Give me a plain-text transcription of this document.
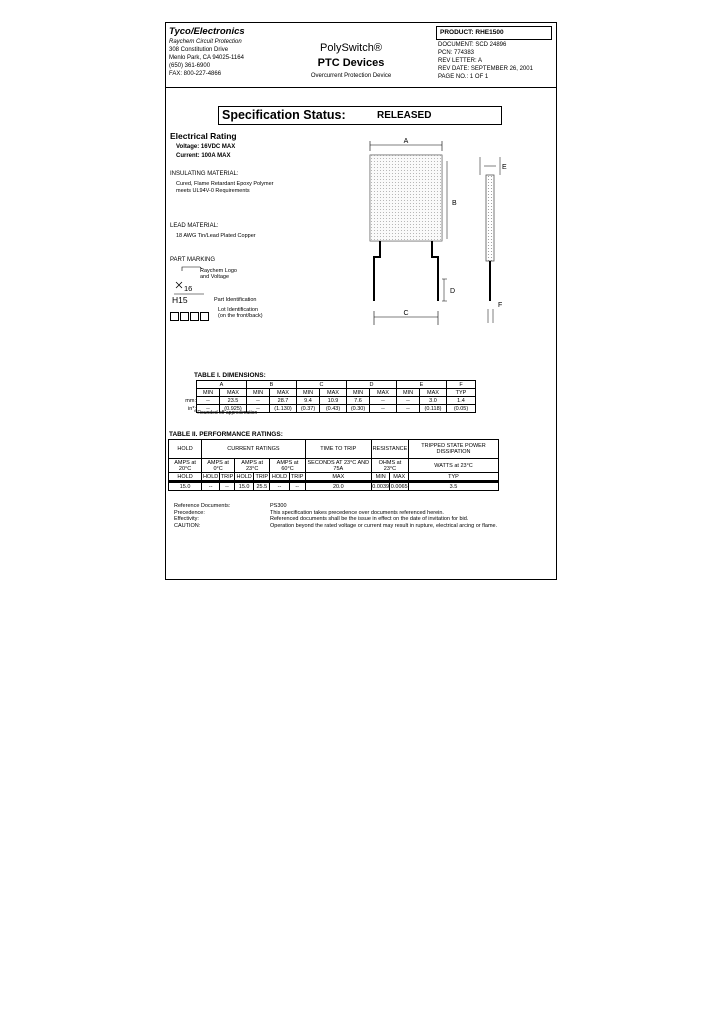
Tyco/Electronics
Raychem Circuit Protection
308 Constitution Drive
Menlo Park, CA 94025-1164
(650) 361-6900
FAX: 800-227-4866
PolySwitch®
PTC Devices
Overcurrent Protection Device
PRODUCT: RHE1500
DOCUMENT: SCD 24896
PCN: 774383
REV LETTER: A
REV DATE: SEPTEMBER 26, 2001
PAGE NO.: 1 OF 1
Specification Status:	RELEASED
Electrical Rating
Voltage: 16VDC MAX
Current: 100A MAX
INSULATING MATERIAL:
Cured, Flame Retardant Epoxy Polymer
meets UL94V-0 Requirements
LEAD MATERIAL:
18 AWG Tin/Lead Plated Copper
PART MARKING
Raychem Logo
and Voltage
16
H15	Part Identification
Lot Identification
(on the front/back)
A
B
D
C
E
F
TABLE I. DIMENSIONS:
	A		B		C		D		E		F
	MIN	MAX	MIN	MAX	MIN	MAX	MIN	MAX	MIN	MAX	TYP
mm:	--	23.5	--	28.7	9.4	10.9	7.6	--	--	3.0	1.4
in*:	--	(0.925)	--	(1.130)	(0.37)	(0.43)	(0.30)	--	--	(0.118)	(0.05)
* Rounded off approximation
TABLE II. PERFORMANCE RATINGS:
HOLD	CURRENT RATINGS						TIME TO TRIP	RESISTANCE		TRIPPED STATE POWER DISSIPATION
AMPS at 20°C	AMPS at 0°C		AMPS at 23°C		AMPS at 60°C		SECONDS AT 23°C AND 75A	OHMS at 23°C		WATTS at 23°C
HOLD	HOLD	TRIP	HOLD	TRIP	HOLD	TRIP	MAX	MIN	MAX	TYP
15.0	--	--	15.0	25.5	--	--	20.0	0.0039	0.0065	3.5
Reference Documents:	PS300
Precedence:	This specification takes precedence over documents referenced herein.
Effectivity:	Referenced documents shall be the issue in effect on the date of invitation for bid.
CAUTION:	Operation beyond the rated voltage or current may result in rupture, electrical arcing or flame.
